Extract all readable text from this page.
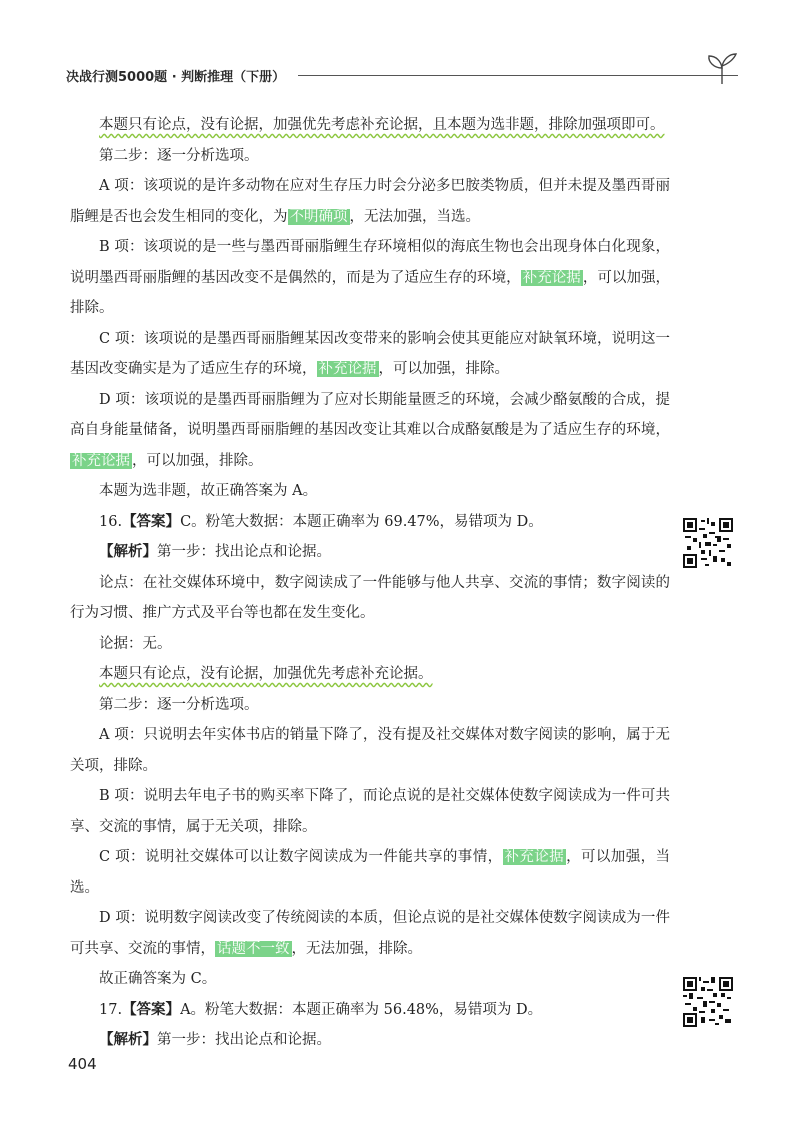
决战行测5000题 · 判断推理（下册）

本题只有论点，没有论据，加强优先考虑补充论据，且本题为选非题，排除加强项即可。

第二步：逐一分析选项。

A 项：该项说的是许多动物在应对生存压力时会分泌多巴胺类物质，但并未提及墨西哥丽脂鲤是否也会发生相同的变化，为 不明确项 ，无法加强，当选。

B 项：该项说的是一些与墨西哥丽脂鲤生存环境相似的海底生物也会出现身体白化现象，说明墨西哥丽脂鲤的基因改变不是偶然的，而是为了适应生存的环境， 补充论据 ，可以加强，排除。

C 项：该项说的是墨西哥丽脂鲤某因改变带来的影响会使其更能应对缺氧环境，说明这一基因改变确实是为了适应生存的环境， 补充论据 ，可以加强，排除。

D 项：该项说的是墨西哥丽脂鲤为了应对长期能量匮乏的环境，会减少酪氨酸的合成，提高自身能量储备，说明墨西哥丽脂鲤的基因改变让其难以合成酪氨酸是为了适应生存的环境，补充论据 ，可以加强，排除。

本题为选非题，故正确答案为 A。

16.【答案】C。粉笔大数据：本题正确率为 69.47%，易错项为 D。

【解析】第一步：找出论点和论据。

论点：在社交媒体环境中，数字阅读成了一件能够与他人共享、交流的事情；数字阅读的行为习惯、推广方式及平台等也都在发生变化。

论据：无。

本题只有论点，没有论据，加强优先考虑补充论据。

第二步：逐一分析选项。

A 项：只说明去年实体书店的销量下降了，没有提及社交媒体对数字阅读的影响，属于无关项，排除。

B 项：说明去年电子书的购买率下降了，而论点说的是社交媒体使数字阅读成为一件可共享、交流的事情，属于无关项，排除。

C 项：说明社交媒体可以让数字阅读成为一件能共享的事情， 补充论据 ，可以加强，当选。

D 项：说明数字阅读改变了传统阅读的本质，但论点说的是社交媒体使数字阅读成为一件可共享、交流的事情， 话题不一致 ，无法加强，排除。

故正确答案为 C。

17.【答案】A。粉笔大数据：本题正确率为 56.48%，易错项为 D。

【解析】第一步：找出论点和论据。

404
